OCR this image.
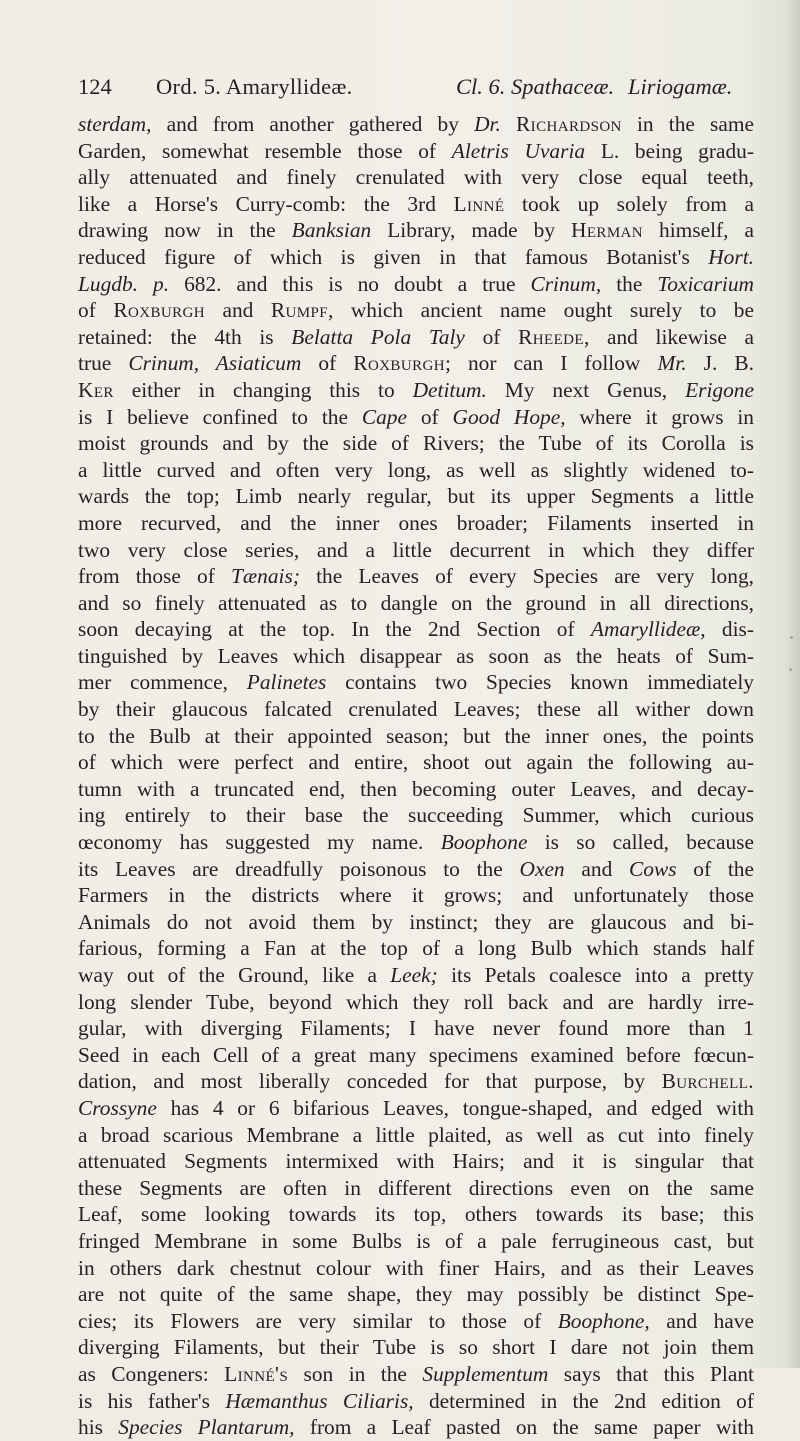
124 Ord. 5. Amaryllideæ.	Cl. 6. Spathaceæ. Liriogamæ.
sterdam, and from another gathered by Dr. Richardson in the same
Garden, somewhat resemble those of Aletris Uvaria L. being gradu-
ally attenuated and finely crenulated with very close equal teeth,
like a Horse's Curry-comb: the 3rd Linné took up solely from a
drawing now in the Banksian Library, made by Herman himself, a
reduced figure of which is given in that famous Botanist's Hort.
Lugdb. p. 682. and this is no doubt a true Crinum, the Toxicarium
of Roxburgh and Rumpf, which ancient name ought surely to be
retained: the 4th is Belatta Pola Taly of Rheede, and likewise a
true Crinum, Asiaticum of Roxburgh; nor can I follow Mr. J. B.
Ker either in changing this to Detitum. My next Genus, Erigone
is I believe confined to the Cape of Good Hope, where it grows in
moist grounds and by the side of Rivers; the Tube of its Corolla is
a little curved and often very long, as well as slightly widened to-
wards the top; Limb nearly regular, but its upper Segments a little
more recurved, and the inner ones broader; Filaments inserted in
two very close series, and a little decurrent in which they differ
from those of Tænais; the Leaves of every Species are very long,
and so finely attenuated as to dangle on the ground in all directions,
soon decaying at the top. In the 2nd Section of Amaryllideæ, dis-
tinguished by Leaves which disappear as soon as the heats of Sum-
mer commence, Palinetes contains two Species known immediately
by their glaucous falcated crenulated Leaves; these all wither down
to the Bulb at their appointed season; but the inner ones, the points
of which were perfect and entire, shoot out again the following au-
tumn with a truncated end, then becoming outer Leaves, and decay-
ing entirely to their base the succeeding Summer, which curious
œconomy has suggested my name. Boophone is so called, because
its Leaves are dreadfully poisonous to the Oxen and Cows of the
Farmers in the districts where it grows; and unfortunately those
Animals do not avoid them by instinct; they are glaucous and bi-
farious, forming a Fan at the top of a long Bulb which stands half
way out of the Ground, like a Leek; its Petals coalesce into a pretty
long slender Tube, beyond which they roll back and are hardly irre-
gular, with diverging Filaments; I have never found more than 1
Seed in each Cell of a great many specimens examined before fœcun-
dation, and most liberally conceded for that purpose, by Burchell.
Crossyne has 4 or 6 bifarious Leaves, tongue-shaped, and edged with
a broad scarious Membrane a little plaited, as well as cut into finely
attenuated Segments intermixed with Hairs; and it is singular that
these Segments are often in different directions even on the same
Leaf, some looking towards its top, others towards its base; this
fringed Membrane in some Bulbs is of a pale ferrugineous cast, but
in others dark chestnut colour with finer Hairs, and as their Leaves
are not quite of the same shape, they may possibly be distinct Spe-
cies; its Flowers are very similar to those of Boophone, and have
diverging Filaments, but their Tube is so short I dare not join them
as Congeners: Linné's son in the Supplementum says that this Plant
is his father's Hæmanthus Ciliaris, determined in the 2nd edition of
his Species Plantarum, from a Leaf pasted on the same paper with
